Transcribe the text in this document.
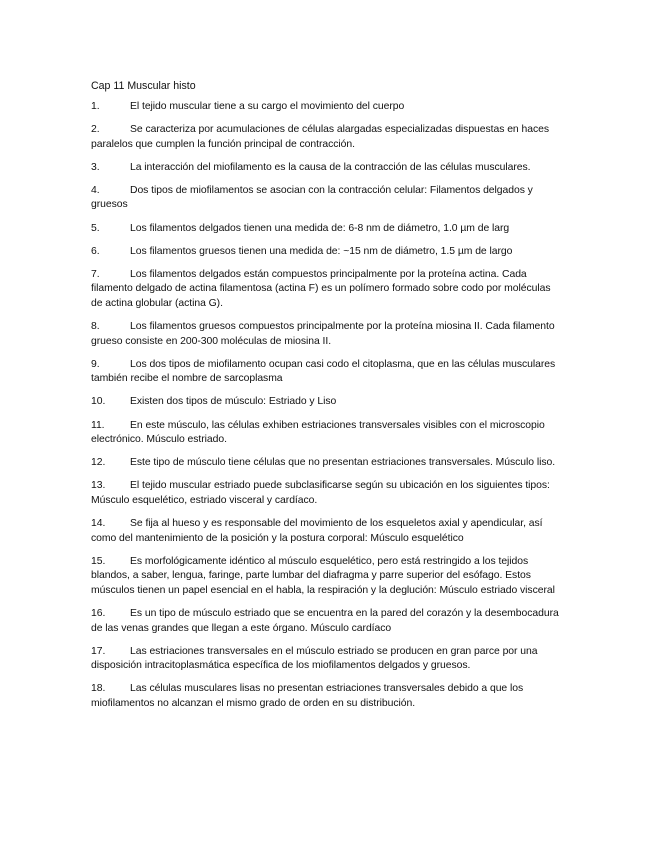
Cap 11 Muscular histo
1.	El tejido muscular tiene a su cargo el movimiento del cuerpo
2.	Se caracteriza por acumulaciones de células alargadas especializadas dispuestas en haces paralelos que cumplen la función principal de contracción.
3.	La interacción del miofilamento es la causa de la contracción de las células musculares.
4.	Dos tipos de miofilamentos se asocian con la contracción celular: Filamentos delgados y gruesos
5.	Los filamentos delgados tienen una medida de: 6-8 nm de diámetro, 1.0 µm de larg
6.	Los filamentos gruesos tienen una medida de: ~15 nm de diámetro, 1.5 µm de largo
7.	Los filamentos delgados están compuestos principalmente por la proteína actina. Cada filamento delgado de actina filamentosa (actina F) es un polímero formado sobre codo por moléculas de actina globular (actina G).
8.	Los filamentos gruesos compuestos principalmente por la proteína miosina II. Cada filamento grueso consiste en 200-300 moléculas de miosina II.
9.	Los dos tipos de miofilamento ocupan casi codo el citoplasma, que en las células musculares también recibe el nombre de sarcoplasma
10. Existen dos tipos de músculo: Estriado y Liso
11. En este músculo, las células exhiben estriaciones transversales visibles con el microscopio electrónico. Músculo estriado.
12. Este tipo de músculo tiene células que no presentan estriaciones transversales. Músculo liso.
13. El tejido muscular estriado puede subclasificarse según su ubicación en los siguientes tipos: Músculo esquelético, estriado visceral y cardíaco.
14. Se fija al hueso y es responsable del movimiento de los esqueletos axial y apendicular, así como del mantenimiento de la posición y la postura corporal: Músculo esquelético
15. Es morfológicamente idéntico al músculo esquelético, pero está restringido a los tejidos blandos, a saber, lengua, faringe, parte lumbar del diafragma y parre superior del esófago. Estos músculos tienen un papel esencial en el habla, la respiración y la deglución: Músculo estriado visceral
16. Es un tipo de músculo estriado que se encuentra en la pared del corazón y la desembocadura de las venas grandes que llegan a este órgano. Músculo cardíaco
17. Las estriaciones transversales en el músculo estriado se producen en gran parce por una disposición intracitoplasmática específica de los miofilamentos delgados y gruesos.
18. Las células musculares lisas no presentan estriaciones transversales debido a que los miofilamentos no alcanzan el mismo grado de orden en su distribución.
